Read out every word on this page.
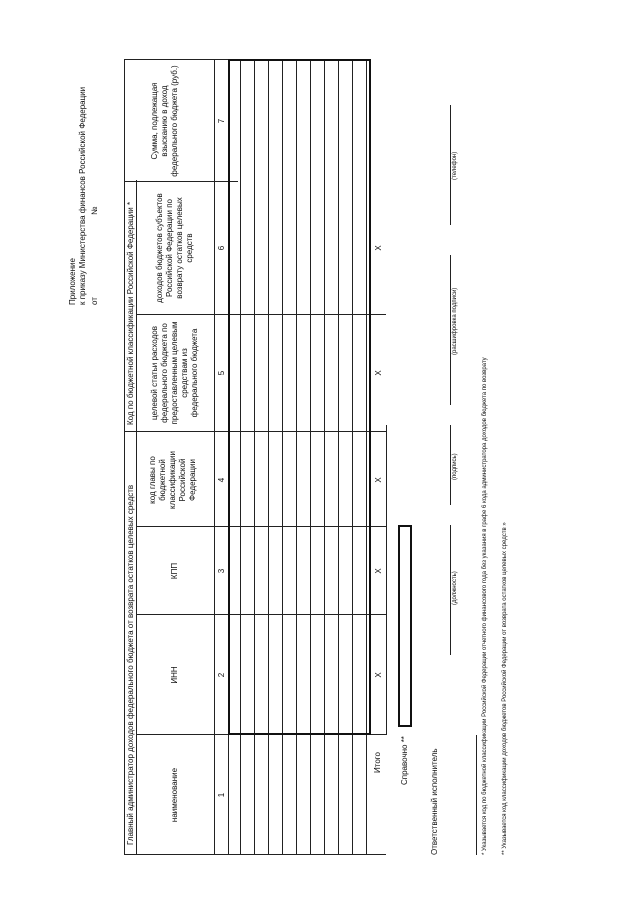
Приложение к приказу Министерства финансов Российской Федерации от
№
Главный администратор доходов федерального бюджета от возврата остатков целевых средств
Код по бюджетной классификации Российской Федерации *
наименование
ИНН
КПП
код главы по бюджетной классификации Российской Федерации
целевой статьи расходов федерального бюджета по предоставленным целевым средствам из федерального бюджета
доходов бюджетов субъектов Российской Федерации по возврату остатков целевых средств
Сумма, подлежащая взысканию в доход федерального бюджета (руб.)
1
2
3
4
5
6
7
Итого
Х
Х
Х
Х
Х
Справочно **	Ответственный исполнитель
(должность)
(подпись)
(расшифровка подписи)
(телефон)
* Указывается код по бюджетной классификации Российской Федерации отчетного финансового года без указания в графе 6 кода администратора доходов бюджета по возврату ** Указывается код классификации доходов бюджетов Российской Федерации от возврата остатков целевых средств »
